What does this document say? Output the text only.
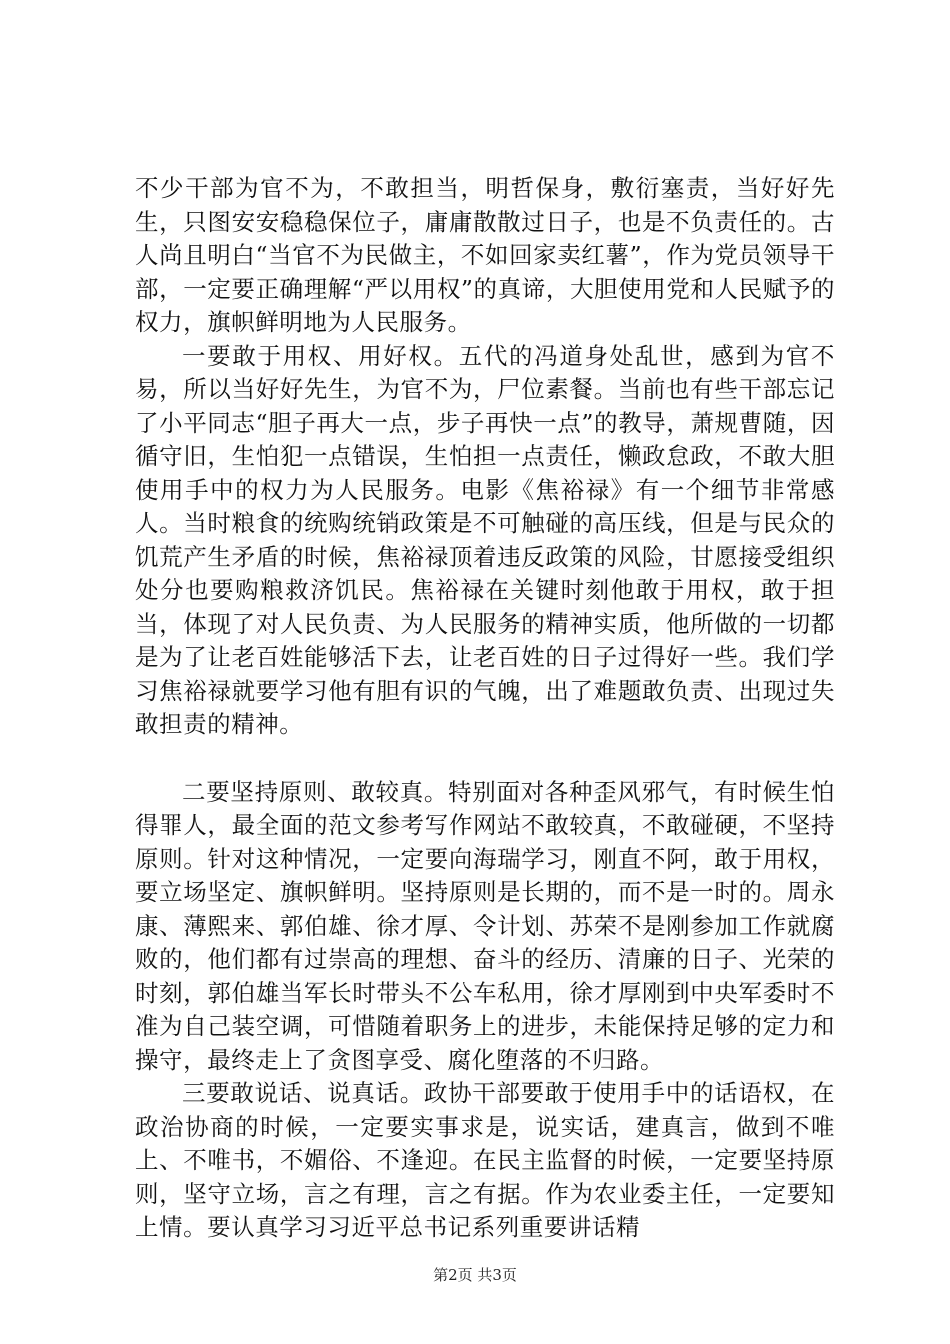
不少干部为官不为，不敢担当，明哲保身，敷衍塞责，当好好先生，只图安安稳稳保位子，庸庸散散过日子，也是不负责任的。古人尚且明白“当官不为民做主，不如回家卖红薯”，作为党员领导干部，一定要正确理解“严以用权”的真谛，大胆使用党和人民赋予的权力，旗帜鲜明地为人民服务。

一要敢于用权、用好权。五代的冯道身处乱世，感到为官不易，所以当好好先生，为官不为，尸位素餐。当前也有些干部忘记了小平同志“胆子再大一点，步子再快一点”的教导，萧规曹随，因循守旧，生怕犯一点错误，生怕担一点责任，懒政怠政，不敢大胆使用手中的权力为人民服务。电影《焦裕禄》有一个细节非常感人。当时粮食的统购统销政策是不可触碰的高压线，但是与民众的饥荒产生矛盾的时候，焦裕禄顶着违反政策的风险，甘愿接受组织处分也要购粮救济饥民。焦裕禄在关键时刻他敢于用权，敢于担当，体现了对人民负责、为人民服务的精神实质，他所做的一切都是为了让老百姓能够活下去，让老百姓的日子过得好一些。我们学习焦裕禄就要学习他有胆有识的气魄，出了难题敢负责、出现过失敢担责的精神。

二要坚持原则、敢较真。特别面对各种歪风邪气，有时候生怕得罪人，最全面的范文参考写作网站不敢较真，不敢碰硬，不坚持原则。针对这种情况，一定要向海瑞学习，刚直不阿，敢于用权，要立场坚定、旗帜鲜明。坚持原则是长期的，而不是一时的。周永康、薄熙来、郭伯雄、徐才厚、令计划、苏荣不是刚参加工作就腐败的，他们都有过崇高的理想、奋斗的经历、清廉的日子、光荣的时刻，郭伯雄当军长时带头不公车私用，徐才厚刚到中央军委时不准为自己装空调，可惜随着职务上的进步，未能保持足够的定力和操守，最终走上了贪图享受、腐化堕落的不归路。

三要敢说话、说真话。政协干部要敢于使用手中的话语权，在政治协商的时候，一定要实事求是，说实话，建真言，做到不唯上、不唯书，不媚俗、不逢迎。在民主监督的时候，一定要坚持原则，坚守立场，言之有理，言之有据。作为农业委主任，一定要知上情。要认真学习习近平总书记系列重要讲话精

第2页 共3页
